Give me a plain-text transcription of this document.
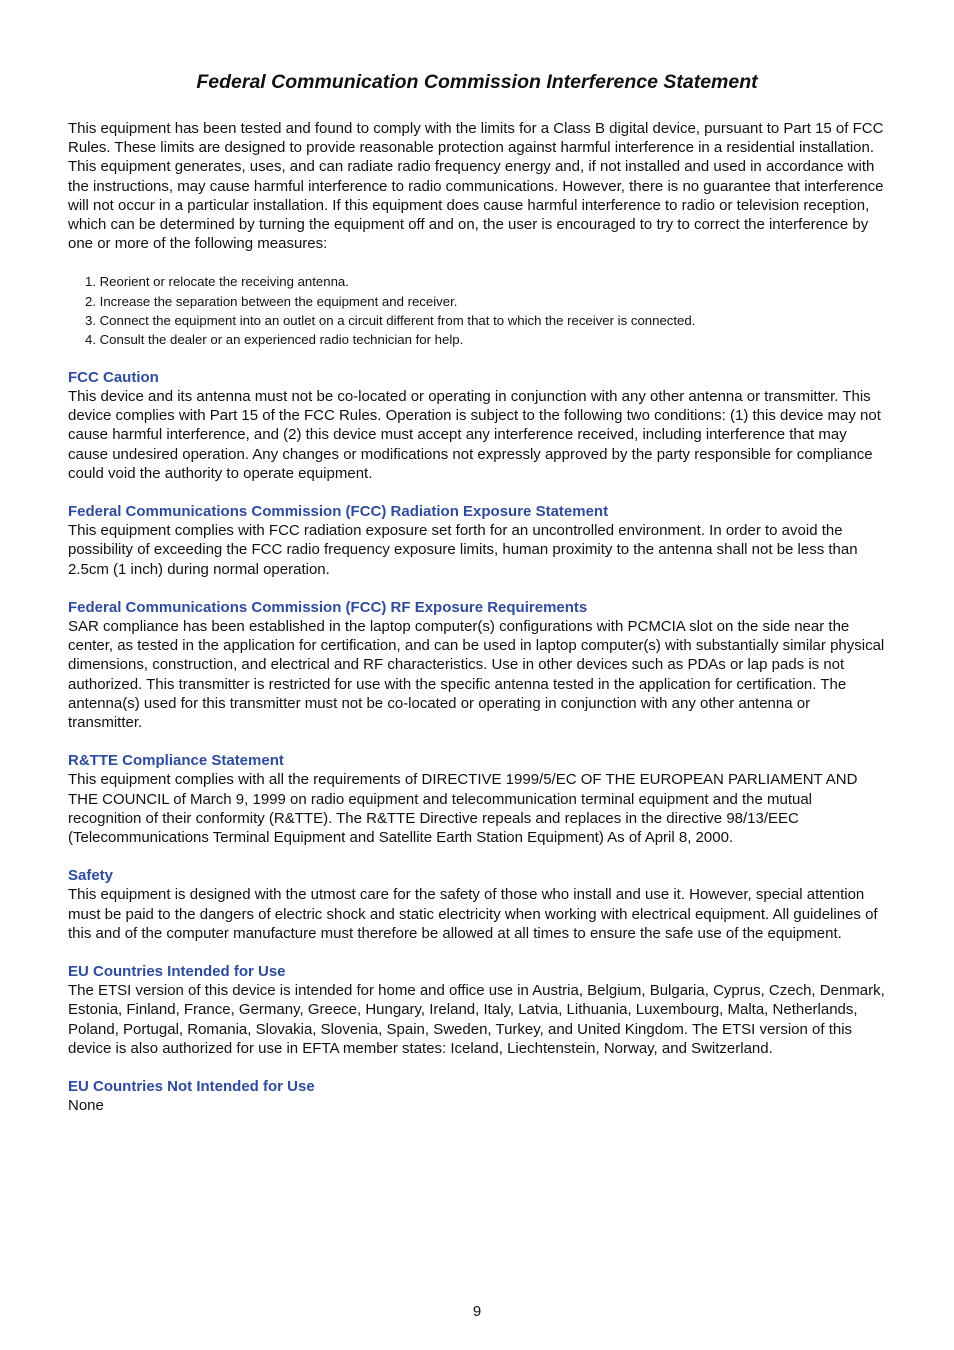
Federal Communication Commission Interference Statement

This equipment has been tested and found to comply with the limits for a Class B digital device, pursuant to Part 15 of FCC Rules. These limits are designed to provide reasonable protection against harmful interference in a residential installation. This equipment generates, uses, and can radiate radio frequency energy and, if not installed and used in accordance with the instructions, may cause harmful interference to radio communications. However, there is no guarantee that interference will not occur in a particular installation. If this equipment does cause harmful interference to radio or television reception, which can be determined by turning the equipment off and on, the user is encouraged to try to correct the interference by one or more of the following measures:

1. Reorient or relocate the receiving antenna.
2. Increase the separation between the equipment and receiver.
3. Connect the equipment into an outlet on a circuit different from that to which the receiver is connected.
4. Consult the dealer or an experienced radio technician for help.
FCC Caution

This device and its antenna must not be co-located or operating in conjunction with any other antenna or transmitter. This device complies with Part 15 of the FCC Rules. Operation is subject to the following two conditions: (1) this device may not cause harmful interference, and (2) this device must accept any interference received, including interference that may cause undesired operation. Any changes or modifications not expressly approved by the party responsible for compliance could void the authority to operate equipment.

Federal Communications Commission (FCC) Radiation Exposure Statement

This equipment complies with FCC radiation exposure set forth for an uncontrolled environment. In order to avoid the possibility of exceeding the FCC radio frequency exposure limits, human proximity to the antenna shall not be less than 2.5cm (1 inch) during normal operation.

Federal Communications Commission (FCC) RF Exposure Requirements

SAR compliance has been established in the laptop computer(s) configurations with PCMCIA slot on the side near the center, as tested in the application for certification, and can be used in laptop computer(s) with substantially similar physical dimensions, construction, and electrical and RF characteristics. Use in other devices such as PDAs or lap pads is not authorized. This transmitter is restricted for use with the specific antenna tested in the application for certification. The antenna(s) used for this transmitter must not be co-located or operating in conjunction with any other antenna or transmitter.

R&TTE Compliance Statement

This equipment complies with all the requirements of DIRECTIVE 1999/5/EC OF THE EUROPEAN PARLIAMENT AND THE COUNCIL of March 9, 1999 on radio equipment and telecommunication terminal equipment and the mutual recognition of their conformity (R&TTE). The R&TTE Directive repeals and replaces in the directive 98/13/EEC (Telecommunications Terminal Equipment and Satellite Earth Station Equipment) As of April 8, 2000.

Safety

This equipment is designed with the utmost care for the safety of those who install and use it. However, special attention must be paid to the dangers of electric shock and static electricity when working with electrical equipment. All guidelines of this and of the computer manufacture must therefore be allowed at all times to ensure the safe use of the equipment.

EU Countries Intended for Use

The ETSI version of this device is intended for home and office use in Austria, Belgium, Bulgaria, Cyprus, Czech, Denmark, Estonia, Finland, France, Germany, Greece, Hungary, Ireland, Italy, Latvia, Lithuania, Luxembourg, Malta, Netherlands, Poland, Portugal, Romania, Slovakia, Slovenia, Spain, Sweden, Turkey, and United Kingdom. The ETSI version of this device is also authorized for use in EFTA member states: Iceland, Liechtenstein, Norway, and Switzerland.

EU Countries Not Intended for Use

None

9
